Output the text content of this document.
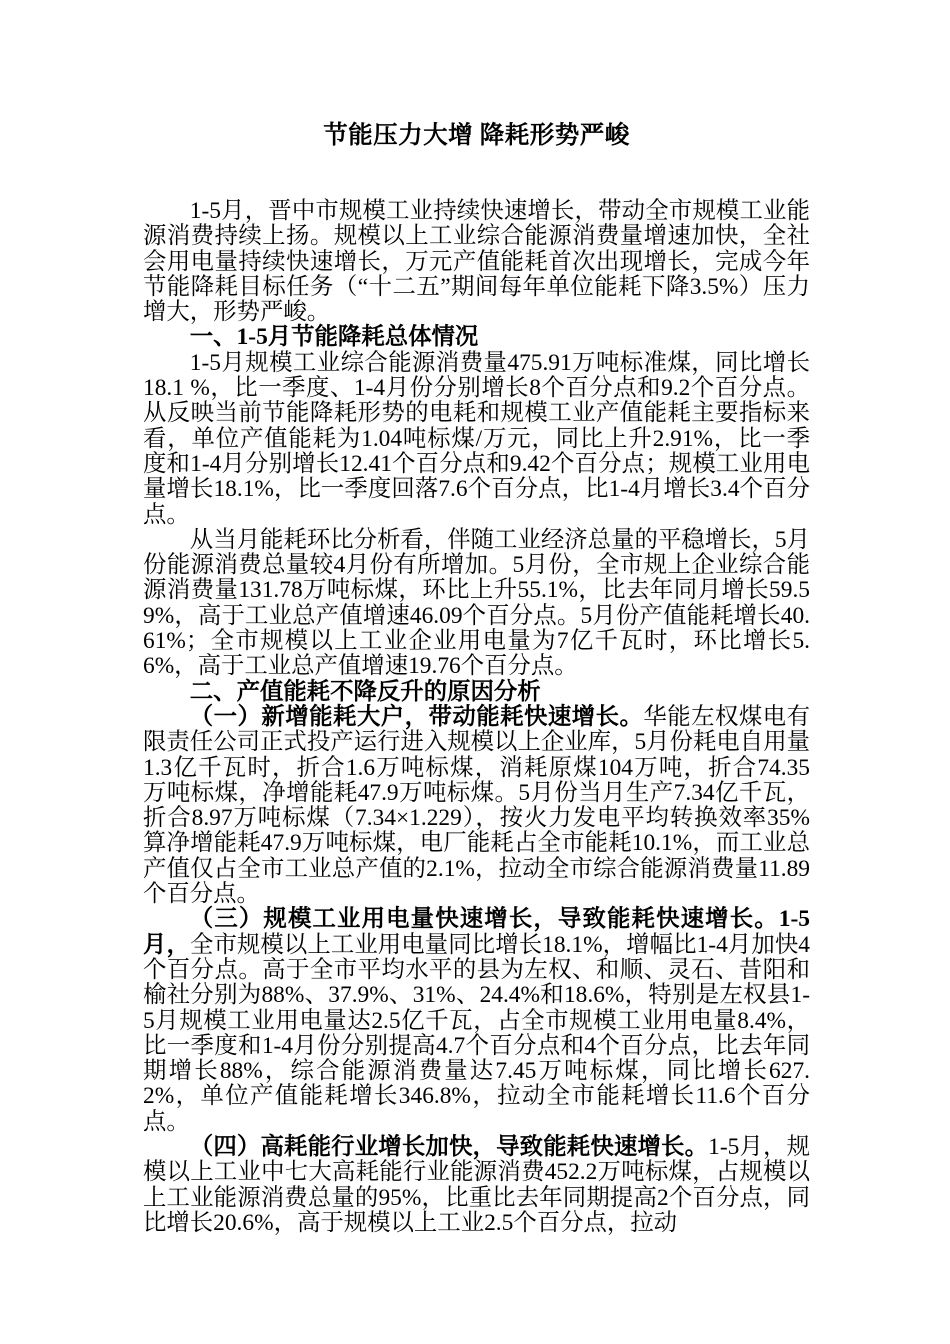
节能压力大增 降耗形势严峻

1-5月，晋中市规模工业持续快速增长，带动全市规模工业能源消费持续上扬。规模以上工业综合能源消费量增速加快，全社会用电量持续快速增长，万元产值能耗首次出现增长，完成今年节能降耗目标任务（“十二五”期间每年单位能耗下降3.5%）压力增大，形势严峻。

一、1-5月节能降耗总体情况

1-5月规模工业综合能源消费量475.91万吨标准煤，同比增长18.1 %，比一季度、1-4月份分别增长8个百分点和9.2个百分点。从反映当前节能降耗形势的电耗和规模工业产值能耗主要指标来看，单位产值能耗为1.04吨标煤/万元，同比上升2.91%，比一季度和1-4月分别增长12.41个百分点和9.42个百分点；规模工业用电量增长18.1%，比一季度回落7.6个百分点，比1-4月增长3.4个百分点。

从当月能耗环比分析看，伴随工业经济总量的平稳增长，5月份能源消费总量较4月份有所增加。5月份，全市规上企业综合能源消费量131.78万吨标煤，环比上升55.1%，比去年同月增长59.59%，高于工业总产值增速46.09个百分点。5月份产值能耗增长40.61%；全市规模以上工业企业用电量为7亿千瓦时，环比增长5.6%，高于工业总产值增速19.76个百分点。

二、产值能耗不降反升的原因分析

（一）新增能耗大户，带动能耗快速增长。华能左权煤电有限责任公司正式投产运行进入规模以上企业库，5月份耗电自用量1.3亿千瓦时，折合1.6万吨标煤，消耗原煤104万吨，折合74.35　万吨标煤，净增能耗47.9万吨标煤。5月份当月生产7.34亿千瓦，折合8.97万吨标煤（7.34×1.229），按火力发电平均转换效率35%算净增能耗47.9万吨标煤，电厂能耗占全市能耗10.1%，而工业总产值仅占全市工业总产值的2.1%，拉动全市综合能源消费量11.89个百分点。

（三）规模工业用电量快速增长，导致能耗快速增长。1-5月，全市规模以上工业用电量同比增长18.1%，增幅比1-4月加快4个百分点。高于全市平均水平的县为左权、和顺、灵石、昔阳和榆社分别为88%、37.9%、31%、24.4%和18.6%，特别是左权县1-5月规模工业用电量达2.5亿千瓦，占全市规模工业用电量8.4%，比一季度和1-4月份分别提高4.7个百分点和4个百分点，比去年同期增长88%，综合能源消费量达7.45万吨标煤，同比增长627.2%，单位产值能耗增长346.8%，拉动全市能耗增长11.6个百分点。

（四）高耗能行业增长加快，导致能耗快速增长。1-5月，规模以上工业中七大高耗能行业能源消费452.2万吨标煤，占规模以上工业能源消费总量的95%，比重比去年同期提高2个百分点，同比增长20.6%，高于规模以上工业2.5个百分点，拉动
